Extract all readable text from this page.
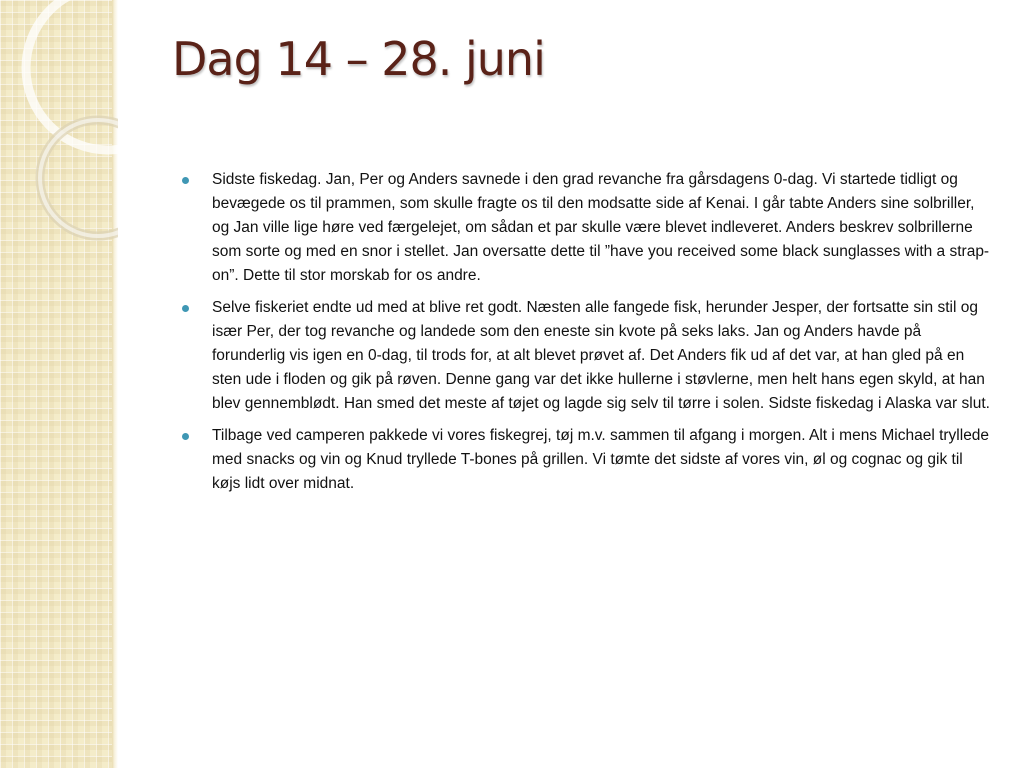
Dag 14 – 28. juni
Sidste fiskedag. Jan, Per og Anders savnede i den grad revanche fra gårsdagens 0-dag. Vi startede tidligt og bevægede os til prammen, som skulle fragte os til den modsatte side af Kenai. I går tabte Anders sine solbriller, og Jan ville lige høre ved færgelejet, om sådan et par skulle være blevet indleveret. Anders beskrev solbrillerne som sorte og med en snor i stellet. Jan oversatte dette til ”have you received some black sunglasses with a strap-on”. Dette til stor morskab for os andre.
Selve fiskeriet endte ud med at blive ret godt. Næsten alle fangede fisk, herunder Jesper, der fortsatte sin stil og især Per, der tog revanche og landede som den eneste sin kvote på seks laks. Jan og Anders havde på forunderlig vis igen en 0-dag, til trods for, at alt blevet prøvet af. Det Anders fik ud af det var, at han gled på en sten ude i floden og gik på røven. Denne gang var det ikke hullerne i støvlerne, men helt hans egen skyld, at han blev gennemblødt. Han smed det meste af tøjet og lagde sig selv til tørre i solen. Sidste fiskedag i Alaska var slut.
Tilbage ved camperen pakkede vi vores fiskegrej, tøj m.v. sammen til afgang i morgen. Alt i mens Michael tryllede med snacks og vin og Knud tryllede T-bones på grillen. Vi tømte det sidste af vores vin, øl og cognac og gik til køjs lidt over midnat.
